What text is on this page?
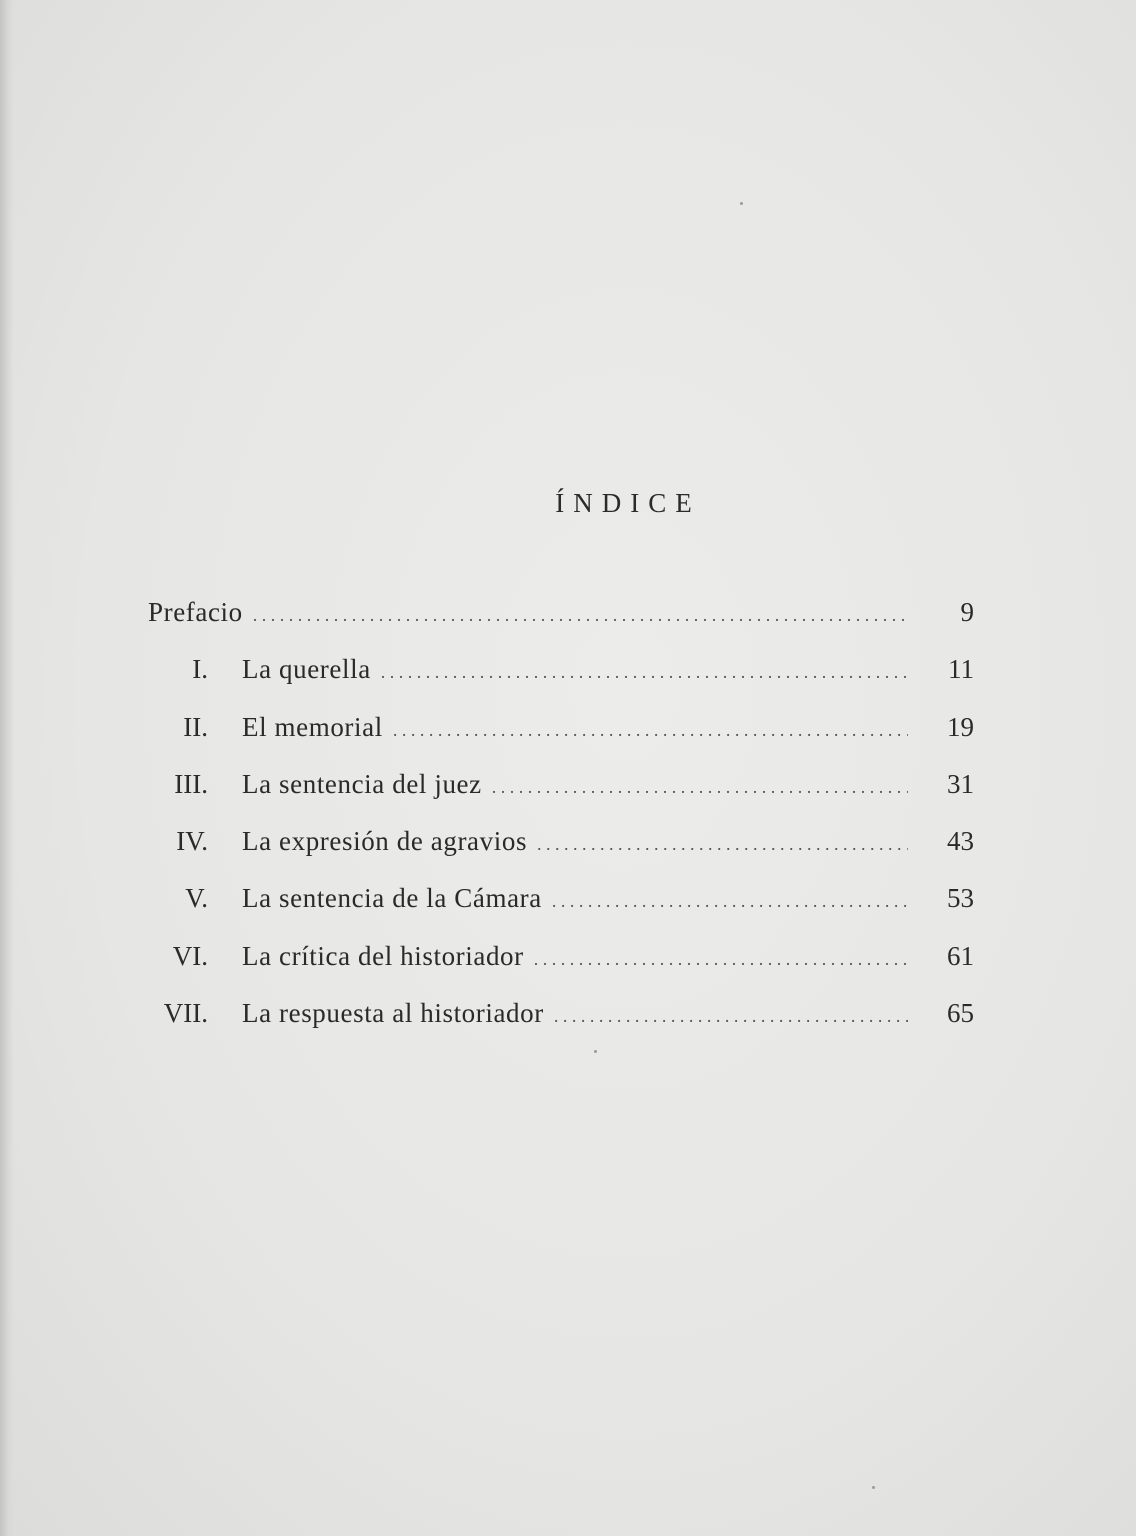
ÍNDICE
Prefacio . . .	9
I. La querella . . .	11
II. El memorial . . .	19
III. La sentencia del juez . . .	31
IV. La expresión de agravios . . .	43
V. La sentencia de la Cámara . . .	53
VI. La crítica del historiador . . .	61
VII. La respuesta al historiador . . .	65
